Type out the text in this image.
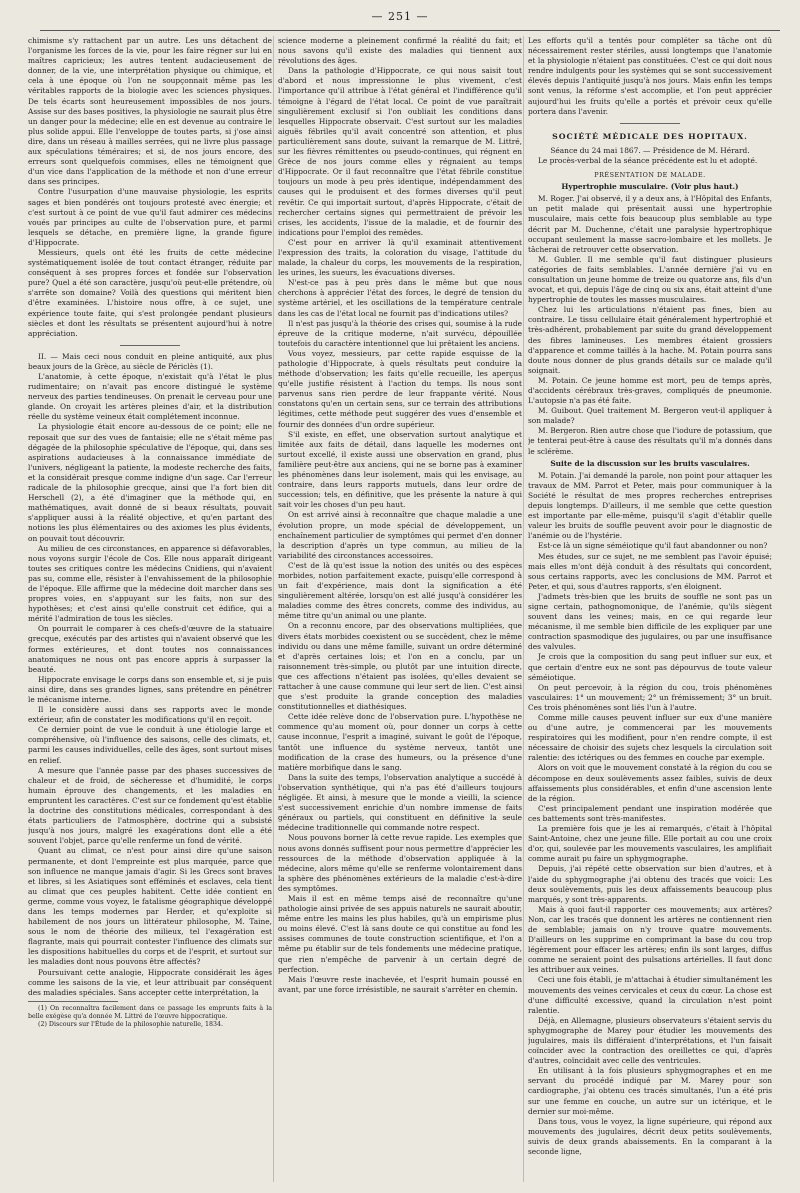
— 251 —

chimisme s'y rattachent par un autre. Les uns détachent de l'organisme les forces de la vie, pour les faire régner sur lui en maîtres capricieux; les autres tentent audacieusement de donner, de la vie, une interprétation physique ou chimique, et cela à une époque où l'on ne soupçonnait même pas les véritables rapports de la biologie avec les sciences physiques. De tels écarts sont heureusement impossibles de nos jours. Assise sur des bases positives, la physiologie ne saurait plus être un danger pour la médecine; elle en est devenue au contraire le plus solide appui. Elle l'enveloppe de toutes parts, si j'ose ainsi dire, dans un réseau à mailles serrées, qui ne livre plus passage aux spéculations téméraires; et si, de nos jours encore, des erreurs sont quelquefois commises, elles ne témoignent que d'un vice dans l'application de la méthode et non d'une erreur dans ses principes.

Contre l'usurpation d'une mauvaise physiologie, les esprits sages et bien pondérés ont toujours protesté avec énergie; et c'est surtout à ce point de vue qu'il faut admirer ces médecins voués par principes au culte de l'observation pure, et parmi lesquels se détache, en première ligne, la grande figure d'Hippocrate.

Messieurs, quels ont été les fruits de cette médecine systématiquement isolée de tout contact étranger, réduite par conséquent à ses propres forces et fondée sur l'observation pure? Quel a été son caractère, jusqu'où peut-elle prétendre, où s'arrête son domaine? Voilà des questions qui méritent bien d'être examinées. L'histoire nous offre, à ce sujet, une expérience toute faite, qui s'est prolongée pendant plusieurs siècles et dont les résultats se présentent aujourd'hui à notre appréciation.

II. — Mais ceci nous conduit en pleine antiquité, aux plus beaux jours de la Grèce, au siècle de Périclès (1).

L'anatomie, à cette époque, n'existait qu'à l'état le plus rudimentaire; on n'avait pas encore distingué le système nerveux des parties tendineuses. On prenait le cerveau pour une glande. On croyait les artères pleines d'air, et la distribution réelle du système veineux était complétement inconnue.

La physiologie était encore au-dessous de ce point; elle ne reposait que sur des vues de fantaisie; elle ne s'était même pas dégagée de la philosophie spéculative de l'époque, qui, dans ses aspirations audacieuses à la connaissance immédiate de l'univers, négligeant la patiente, la modeste recherche des faits, et la considérait presque comme indigne d'un sage. Car l'erreur radicale de la philosophie grecque, ainsi que l'a fort bien dit Herschell (2), a été d'imaginer que la méthode qui, en mathématiques, avait donné de si beaux résultats, pouvait s'appliquer aussi à la réalité objective, et qu'en partant des notions les plus élémentaires ou des axiomes les plus évidents, on pouvait tout découvrir.

Au milieu de ces circonstances, en apparence si défavorables, nous voyons surgir l'école de Cos. Elle nous apparaît dirigeant toutes ses critiques contre les médecins Cnidiens, qui n'avaient pas su, comme elle, résister à l'envahissement de la philosophie de l'époque. Elle affirme que la médecine doit marcher dans ses propres voies, en s'appuyant sur les faits, non sur des hypothèses; et c'est ainsi qu'elle construit cet édifice, qui a mérité l'admiration de tous les siècles.

On pourrait le comparer à ces chefs-d'œuvre de la statuaire grecque, exécutés par des artistes qui n'avaient observé que les formes extérieures, et dont toutes nos connaissances anatomiques ne nous ont pas encore appris à surpasser la beauté.

Hippocrate envisage le corps dans son ensemble et, si je puis ainsi dire, dans ses grandes lignes, sans prétendre en pénétrer le mécanisme interne.

Il le considère aussi dans ses rapports avec le monde extérieur, afin de constater les modifications qu'il en reçoit.

Ce dernier point de vue le conduit à une étiologie large et compréhensive, où l'influence des saisons, celle des climats, et, parmi les causes individuelles, celle des âges, sont surtout mises en relief.

A mesure que l'année passe par des phases successives de chaleur et de froid, de sécheresse et d'humidité, le corps humain éprouve des changements, et les maladies en empruntent les caractères. C'est sur ce fondement qu'est établie la doctrine des constitutions médicales, correspondant à des états particuliers de l'atmosphère, doctrine qui a subsisté jusqu'à nos jours, malgré les exagérations dont elle a été souvent l'objet, parce qu'elle renferme un fond de vérité.

Quant au climat, ce n'est pour ainsi dire qu'une saison permanente, et dont l'empreinte est plus marquée, parce que son influence ne manque jamais d'agir. Si les Grecs sont braves et libres, si les Asiatiques sont efféminés et esclaves, cela tient au climat que ces peuples habitent. Cette idée contient en germe, comme vous voyez, le fatalisme géographique développé dans les temps modernes par Herder, et qu'exploite si habilement de nos jours un littérateur philosophe, M. Taine, sous le nom de théorie des milieux, tel l'exagération est flagrante, mais qui pourrait contester l'influence des climats sur les dispositions habituelles du corps et de l'esprit, et surtout sur les maladies dont nous pouvons être affectés?

Poursuivant cette analogie, Hippocrate considérait les âges comme les saisons de la vie, et leur attribuait par conséquent des maladies spéciales. Sans accepter cette interprétation, la

(1) On reconnaîtra facilement dans ce passage les emprunts faits à la belle exégèse qu'a donnée M. Littré de l'œuvre hippocratique.

(2) Discours sur l'Étude de la philosophie naturelle, 1834.

science moderne a pleinement confirmé la réalité du fait; et nous savons qu'il existe des maladies qui tiennent aux révolutions des âges.

Dans la pathologie d'Hippocrate, ce qui nous saisit tout d'abord et nous impressionne le plus vivement, c'est l'importance qu'il attribue à l'état général et l'indifférence qu'il témoigne à l'égard de l'état local. Ce point de vue paraîtrait singulièrement exclusif si l'on oubliait les conditions dans lesquelles Hippocrate observait. C'est surtout sur les maladies aiguës fébriles qu'il avait concentré son attention, et plus particulièrement sans doute, suivant la remarque de M. Littré, sur les fièvres rémittentes ou pseudo-continues, qui régnent en Grèce de nos jours comme elles y régnaient au temps d'Hippocrate. Or il faut reconnaître que l'état fébrile constitue toujours un mode à peu près identique, indépendamment des causes qui le produisent et des formes diverses qu'il peut revêtir. Ce qui importait surtout, d'après Hippocrate, c'était de rechercher certains signes qui permettraient de prévoir les crises, les accidents, l'issue de la maladie, et de fournir des indications pour l'emploi des remèdes.

C'est pour en arriver là qu'il examinait attentivement l'expression des traits, la coloration du visage, l'attitude du malade, la chaleur du corps, les mouvements de la respiration, les urines, les sueurs, les évacuations diverses.

N'est-ce pas à peu près dans le même but que nous cherchons à apprécier l'état des forces, le degré de tension du système artériel, et les oscillations de la température centrale dans les cas de l'état local ne fournit pas d'indications utiles?

Il n'est pas jusqu'à la théorie des crises qui, soumise à la rude épreuve de la critique moderne, n'ait survécu, dépouillée toutefois du caractère intentionnel que lui prêtaient les anciens.

Vous voyez, messieurs, par cette rapide esquisse de la pathologie d'Hippocrate, à quels résultats peut conduire la méthode d'observation; les faits qu'elle recueille, les aperçus qu'elle justifie résistent à l'action du temps. Ils nous sont parvenus sans rien perdre de leur frappante vérité. Nous constatons qu'en un certain sens, sur ce terrain des attributions légitimes, cette méthode peut suggérer des vues d'ensemble et fournir des données d'un ordre supérieur.

S'il existe, en effet, une observation surtout analytique et limitée aux faits de détail, dans laquelle les modernes ont surtout excellé, il existe aussi une observation en grand, plus familière peut-être aux anciens, qui ne se borne pas à examiner les phénomènes dans leur isolement, mais qui les envisage, au contraire, dans leurs rapports mutuels, dans leur ordre de succession; tels, en définitive, que les présente la nature à qui sait voir les choses d'un peu haut.

On est arrivé ainsi à reconnaître que chaque maladie a une évolution propre, un mode spécial de développement, un enchaînement particulier de symptômes qui permet d'en donner la description d'après un type commun, au milieu de la variabilité des circonstances accessoires.

C'est de là qu'est issue la notion des unités ou des espèces morbides, notion parfaitement exacte, puisqu'elle correspond à un fait d'expérience, mais dont la signification a été singulièrement altérée, lorsqu'on est allé jusqu'à considérer les maladies comme des êtres concrets, comme des individus, au même titre qu'un animal ou une plante.

On a reconnu encore, par des observations multipliées, que divers états morbides coexistent ou se succèdent, chez le même individu ou dans une même famille, suivant un ordre déterminé et d'après certaines lois; et l'on en a conclu, par un raisonnement très-simple, ou plutôt par une intuition directe, que ces affections n'étaient pas isolées, qu'elles devaient se rattacher à une cause commune qui leur sert de lien. C'est ainsi que s'est produite la grande conception des maladies constitutionnelles et diathésiques.

Cette idée relève donc de l'observation pure. L'hypothèse ne commence qu'au moment où, pour donner un corps à cette cause inconnue, l'esprit a imaginé, suivant le goût de l'époque, tantôt une influence du système nerveux, tantôt une modification de la crase des humeurs, ou la présence d'une matière morbifique dans le sang.

Dans la suite des temps, l'observation analytique a succédé à l'observation synthétique, qui n'a pas été d'ailleurs toujours négligée. Et ainsi, à mesure que le monde a vieilli, la science s'est successivement enrichie d'un nombre immense de faits généraux ou partiels, qui constituent en définitive la seule médecine traditionnelle qui commande notre respect.

Nous pouvons borner là cette revue rapide. Les exemples que nous avons donnés suffisent pour nous permettre d'apprécier les ressources de la méthode d'observation appliquée à la médecine, alors même qu'elle se renferme volontairement dans la sphère des phénomènes extérieurs de la maladie c'est-à-dire des symptômes.

Mais il est en même temps aisé de reconnaître qu'une pathologie ainsi privée de ses appuis naturels ne saurait aboutir, même entre les mains les plus habiles, qu'à un empirisme plus ou moins élevé. C'est là sans doute ce qui constitue au fond les assises communes de toute construction scientifique, et l'on a même pu établir sur de tels fondements une médecine pratique, que rien n'empêche de parvenir à un certain degré de perfection.

Mais l'œuvre reste inachevée, et l'esprit humain poussé en avant, par une force irrésistible, ne saurait s'arrêter en chemin.

Les efforts qu'il a tentés pour compléter sa tâche ont dû nécessairement rester stériles, aussi longtemps que l'anatomie et la physiologie n'étaient pas constituées. C'est ce qui doit nous rendre indulgents pour les systèmes qui se sont successivement élevés depuis l'antiquité jusqu'à nos jours. Mais enfin les temps sont venus, la réforme s'est accomplie, et l'on peut apprécier aujourd'hui les fruits qu'elle a portés et prévoir ceux qu'elle portera dans l'avenir.

SOCIÉTÉ MÉDICALE DES HOPITAUX.
Séance du 24 mai 1867. — Présidence de M. Hérard.

Le procès-verbal de la séance précédente est lu et adopté.

PRÉSENTATION DE MALADE.
Hypertrophie musculaire. (Voir plus haut.)

M. Roger. J'ai observé, il y a deux ans, à l'Hôpital des Enfants, un petit malade qui présentait aussi une hypertrophie musculaire, mais cette fois beaucoup plus semblable au type décrit par M. Duchenne, c'était une paralysie hypertrophique occupant seulement la masse sacro-lombaire et les mollets. Je tâcherai de retrouver cette observation.

M. Gubler. Il me semble qu'il faut distinguer plusieurs catégories de faits semblables. L'année dernière j'ai vu en consultation un jeune homme de treize ou quatorze ans, fils d'un avocat, et qui, depuis l'âge de cinq ou six ans, était atteint d'une hypertrophie de toutes les masses musculaires.

Chez lui les articulations n'étaient pas fines, bien au contraire. Le tissu cellulaire était généralement hypertrophié et très-adhérent, probablement par suite du grand développement des fibres lamineuses. Les membres étaient grossiers d'apparence et comme taillés à la hache. M. Potain pourra sans doute nous donner de plus grands détails sur ce malade qu'il soignait.

M. Potain. Ce jeune homme est mort, peu de temps après, d'accidents cérébraux très-graves, compliqués de pneumonie. L'autopsie n'a pas été faite.

M. Guibout. Quel traitement M. Bergeron veut-il appliquer à son malade?

M. Bergeron. Rien autre chose que l'iodure de potassium, que je tenterai peut-être à cause des résultats qu'il m'a donnés dans le sclérème.

Suite de la discussion sur les bruits vasculaires.

M. Potain. J'ai demandé la parole, non point pour attaquer les travaux de MM. Parrot et Peter, mais pour communiquer à la Société le résultat de mes propres recherches entreprises depuis longtemps. D'ailleurs, il me semble que cette question est importante par elle-même, puisqu'il s'agit d'établir quelle valeur les bruits de souffle peuvent avoir pour le diagnostic de l'anémie ou de l'hystérie.

Est-ce là un signe séméiotique qu'il faut abandonner ou non?

Mes études, sur ce sujet, ne me semblent pas l'avoir épuisé; mais elles m'ont déjà conduit à des résultats qui concordent, sous certains rapports, avec les conclusions de MM. Parrot et Peter, et qui, sous d'autres rapports, s'en éloignent.

J'admets très-bien que les bruits de souffle ne sont pas un signe certain, pathognomonique, de l'anémie, qu'ils siègent souvent dans les veines; mais, en ce qui regarde leur mécanisme, il me semble bien difficile de les expliquer par une contraction spasmodique des jugulaires, ou par une insuffisance des valvules.

Je crois que la composition du sang peut influer sur eux, et que certain d'entre eux ne sont pas dépourvus de toute valeur séméiotique.

On peut percevoir, à la région du cou, trois phénomènes vasculaires: 1° un mouvement; 2° un frémissement; 3° un bruit. Ces trois phénomènes sont liés l'un à l'autre.

Comme mille causes peuvent influer sur eux d'une manière ou d'une autre, je commencerai par les mouvements respiratoires qui les modifient, pour n'en rendre compte, il est nécessaire de choisir des sujets chez lesquels la circulation soit ralentie: des ictériques ou des femmes en couche par exemple.

Alors on voit que le mouvement constaté à la région du cou se décompose en deux soulèvements assez faibles, suivis de deux affaissements plus considérables, et enfin d'une ascension lente de la région.

C'est principalement pendant une inspiration modérée que ces battements sont très-manifestes.

La première fois que je les ai remarqués, c'était à l'hôpital Saint-Antoine, chez une jeune fille. Elle portait au cou une croix d'or, qui, soulevée par les mouvements vasculaires, les amplifiait comme aurait pu faire un sphygmographe.

Depuis, j'ai répété cette observation sur bien d'autres, et à l'aide du sphygmographe j'ai obtenu des tracés que voici: Les deux soulèvements, puis les deux affaissements beaucoup plus marqués, y sont très-apparents.

Mais à quoi faut-il rapporter ces mouvements; aux artères? Non, car les tracés que donnent les artères ne contiennent rien de semblable; jamais on n'y trouve quatre mouvements. D'ailleurs on les supprime en comprimant la base du cou trop légèrement pour effacer les artères; enfin ils sont larges, diffus comme ne seraient point des pulsations artérielles. Il faut donc les attribuer aux veines.

Ceci une fois établi, je m'attachai à étudier simultanément les mouvements des veines cervicales et ceux du cœur. La chose est d'une difficulté excessive, quand la circulation n'est point ralentie.

Déjà, en Allemagne, plusieurs observateurs s'étaient servis du sphygmographe de Marey pour étudier les mouvements des jugulaires, mais ils différaient d'interprétations, et l'un faisait coïncider avec la contraction des oreillettes ce qui, d'après d'autres, coïncidait avec celle des ventricules.

En utilisant à la fois plusieurs sphygmographes et en me servant du procédé indiqué par M. Marey pour son cardiographe, j'ai obtenu ces tracés simultanés, l'un a été pris sur une femme en couche, un autre sur un ictérique, et le dernier sur moi-même.

Dans tous, vous le voyez, la ligne supérieure, qui répond aux mouvements des jugulaires, décrit deux petits soulèvements, suivis de deux grands abaissements. En la comparant à la seconde ligne,
